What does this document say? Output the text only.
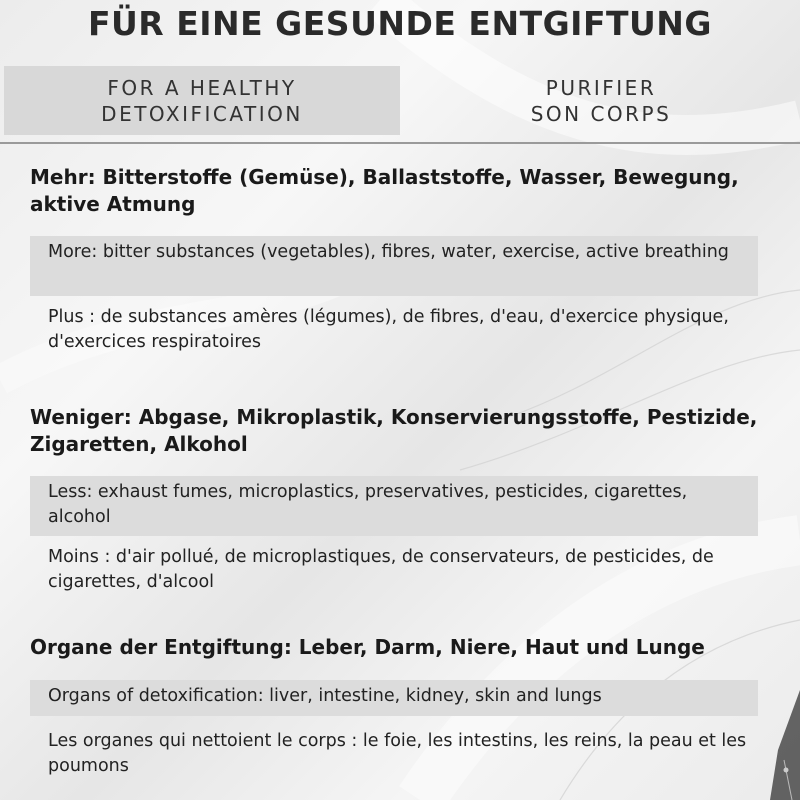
FÜR EINE GESUNDE ENTGIFTUNG
FOR A HEALTHY
DETOXIFICATION
PURIFIER
SON CORPS

Mehr: Bitterstoffe (Gemüse), Ballaststoffe, Wasser, Bewegung, aktive Atmung

More: bitter substances (vegetables), fibres, water, exercise, active breathing
Plus : de substances amères (légumes), de fibres, d'eau, d'exercice physique, d'exercices respiratoires

Weniger: Abgase, Mikroplastik, Konservierungsstoffe, Pestizide, Zigaretten, Alkohol

Less: exhaust fumes, microplastics, preservatives, pesticides, cigarettes, alcohol
Moins : d'air pollué, de microplastiques, de conservateurs, de pesticides, de cigarettes, d'alcool

Organe der Entgiftung: Leber, Darm, Niere, Haut und Lunge

Organs of detoxification: liver, intestine, kidney, skin and lungs
Les organes qui nettoient le corps : le foie, les intestins, les reins, la peau et les poumons
